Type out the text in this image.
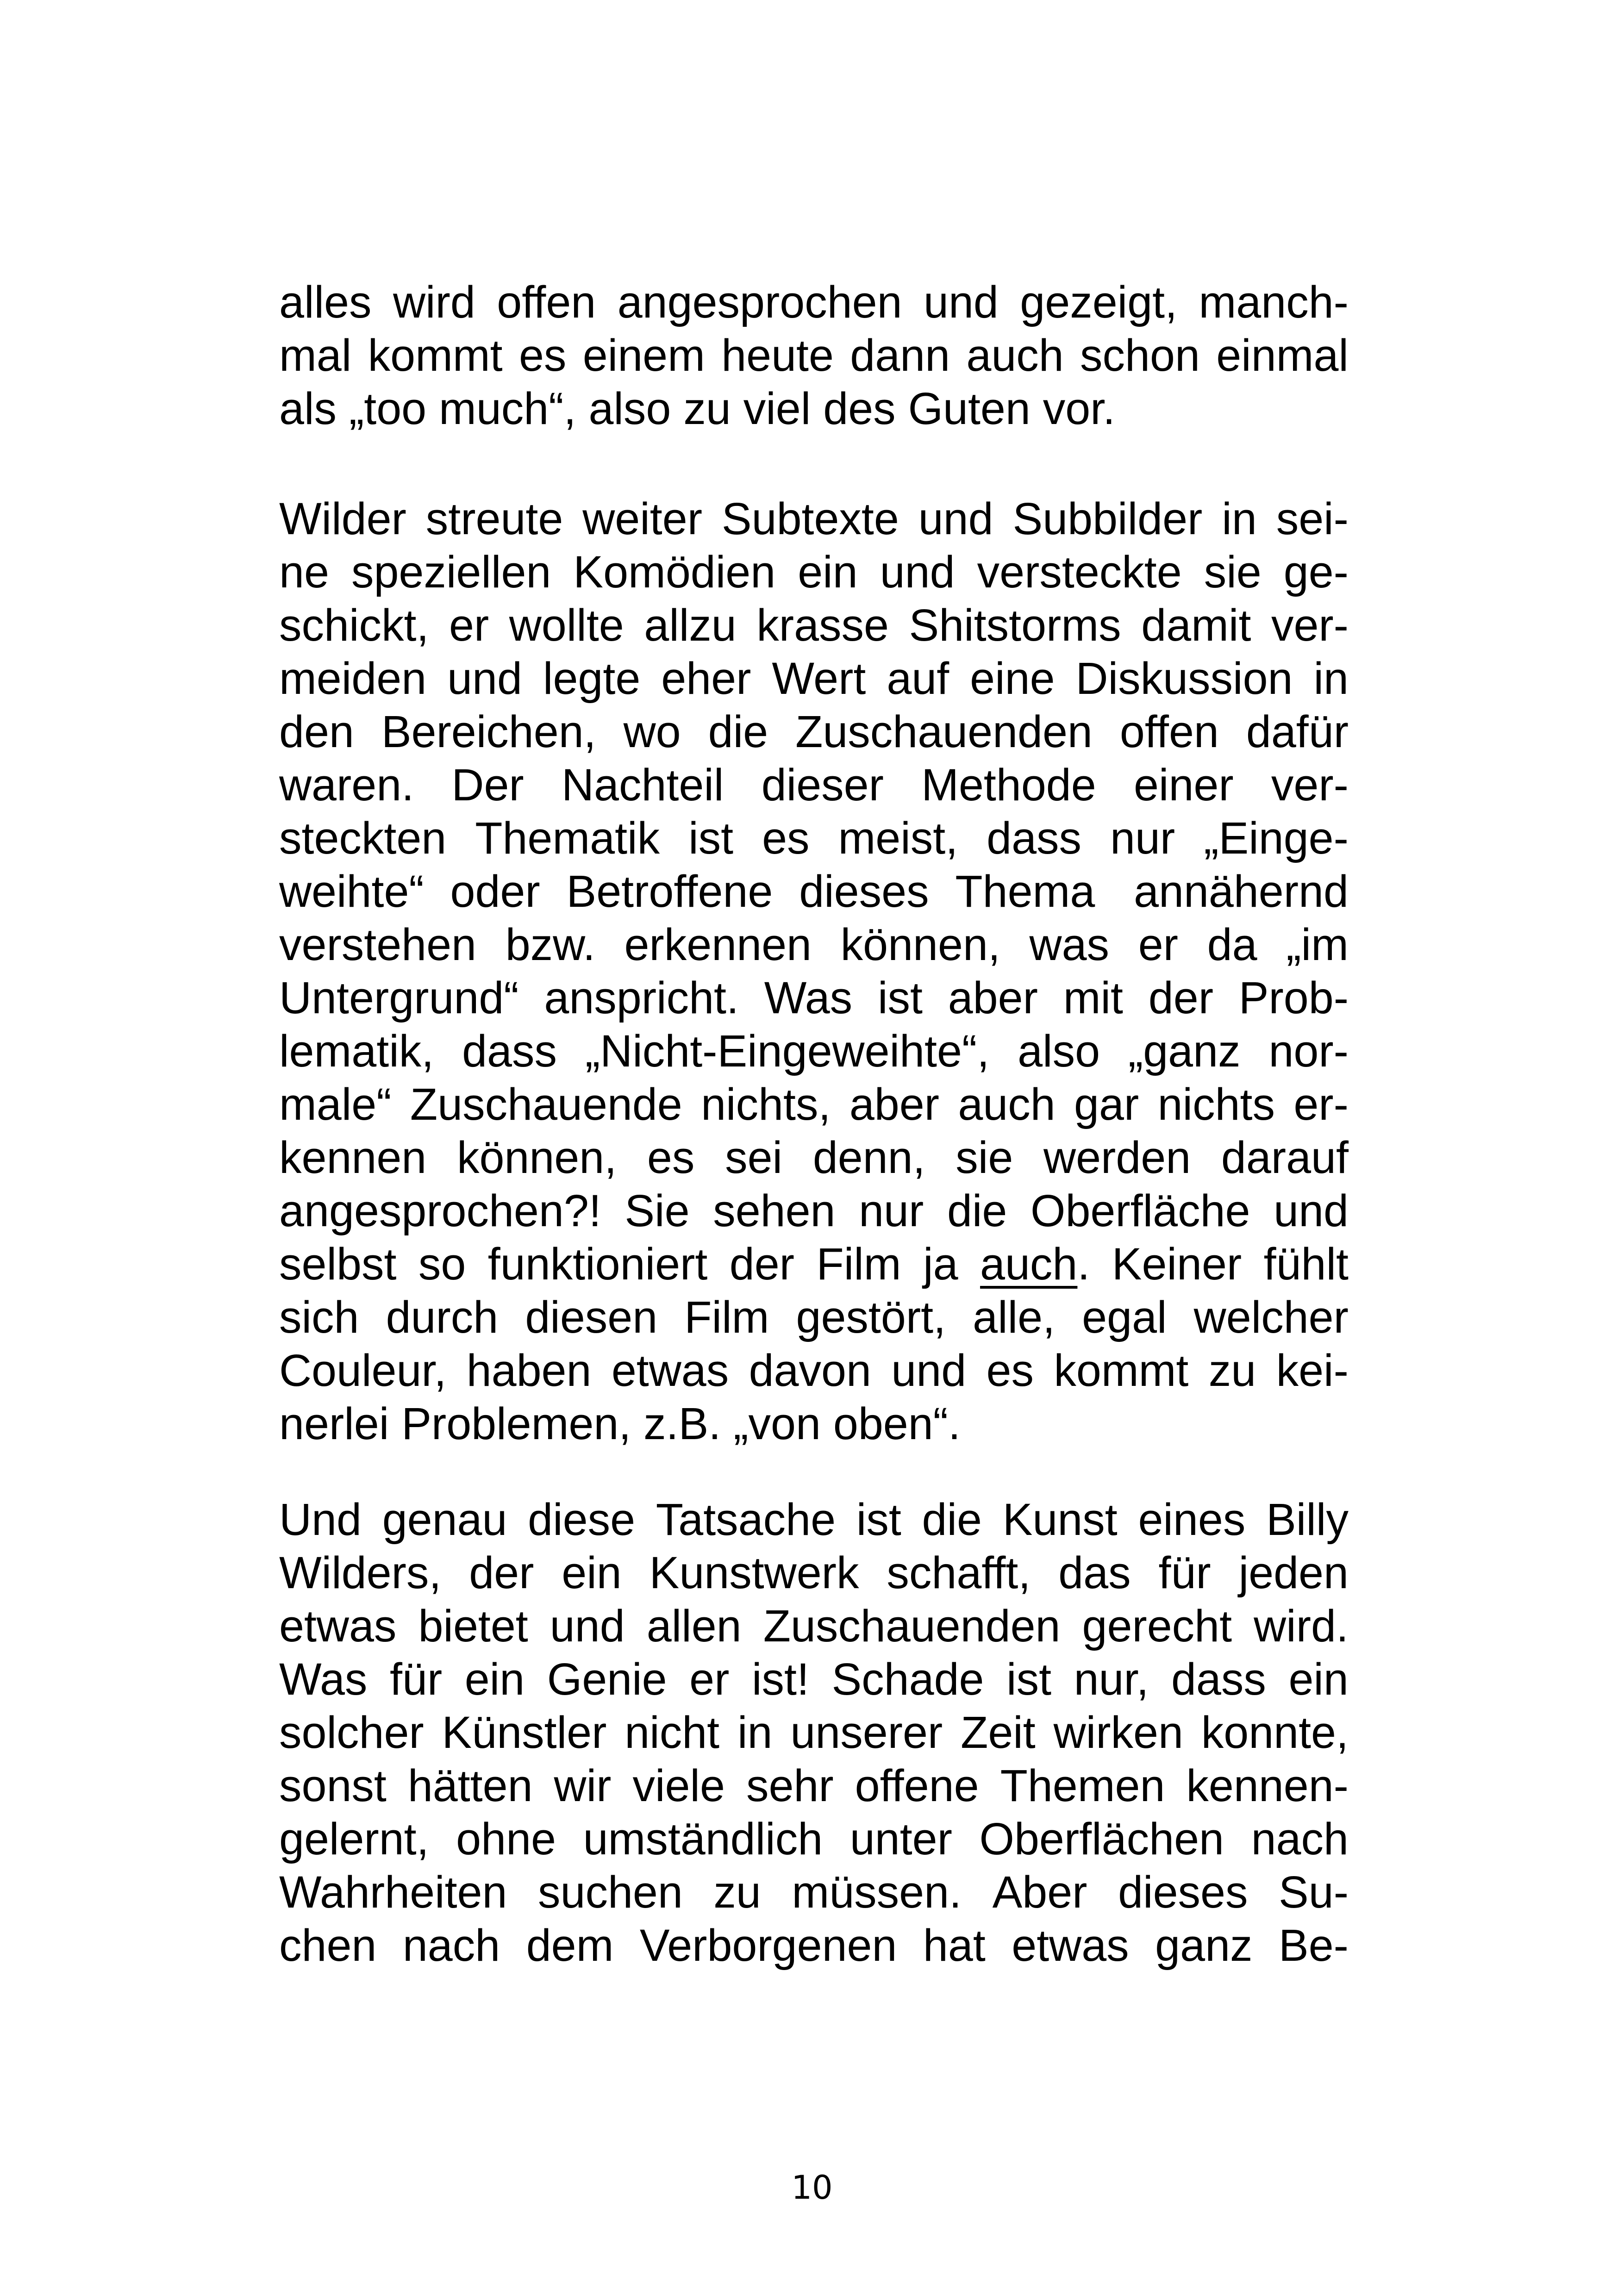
alles wird offen angesprochen und gezeigt, manch-
mal kommt es einem heute dann auch schon einmal
als „too much“, also zu viel des Guten vor.
Wilder streute weiter Subtexte und Subbilder in sei-
ne speziellen Komödien ein und versteckte sie ge-
schickt, er wollte allzu krasse Shitstorms damit ver-
meiden und legte eher Wert auf eine Diskussion in
den Bereichen, wo die Zuschauenden offen dafür
waren. Der Nachteil dieser Methode einer ver-
steckten Thematik ist es meist, dass nur „Einge-
weihte“ oder Betroffene dieses Thema annähernd
verstehen bzw. erkennen können, was er da „im
Untergrund“ anspricht. Was ist aber mit der Prob-
lematik, dass „Nicht-Eingeweihte“, also „ganz nor-
male“ Zuschauende nichts, aber auch gar nichts er-
kennen können, es sei denn, sie werden darauf
angesprochen?! Sie sehen nur die Oberfläche und
selbst so funktioniert der Film ja auch. Keiner fühlt
sich durch diesen Film gestört, alle, egal welcher
Couleur, haben etwas davon und es kommt zu kei-
nerlei Problemen, z.B. „von oben“.
Und genau diese Tatsache ist die Kunst eines Billy
Wilders, der ein Kunstwerk schafft, das für jeden
etwas bietet und allen Zuschauenden gerecht wird.
Was für ein Genie er ist! Schade ist nur, dass ein
solcher Künstler nicht in unserer Zeit wirken konnte,
sonst hätten wir viele sehr offene Themen kennen-
gelernt, ohne umständlich unter Oberflächen nach
Wahrheiten suchen zu müssen. Aber dieses Su-
chen nach dem Verborgenen hat etwas ganz Be-
10
